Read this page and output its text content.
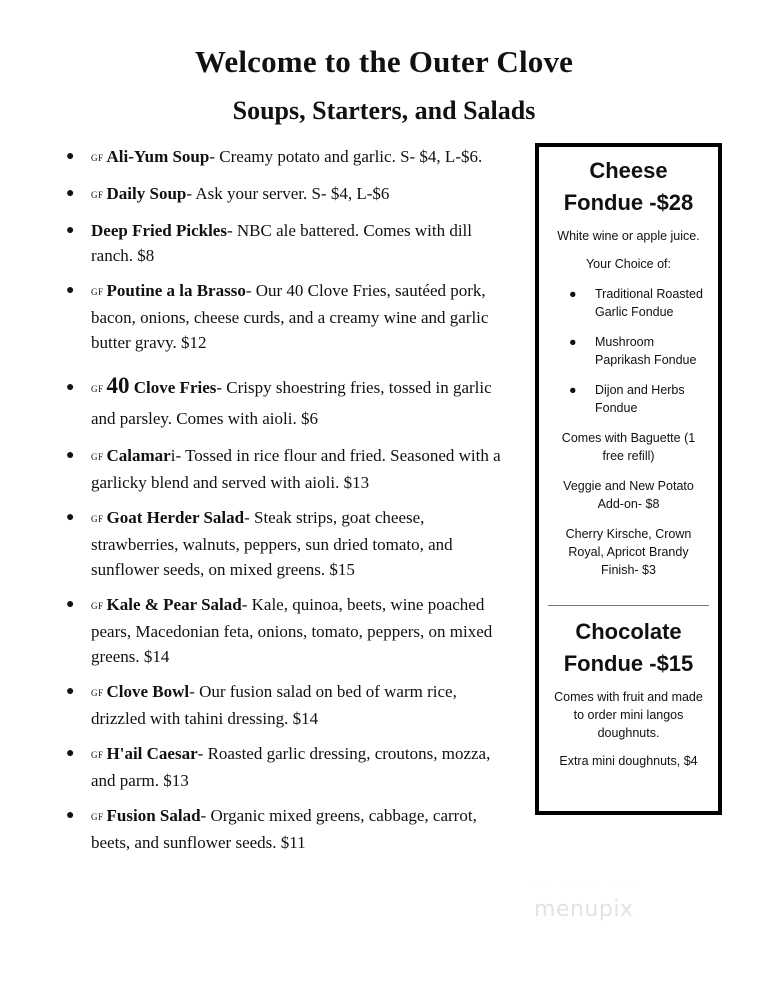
Welcome to the Outer Clove
Soups, Starters, and Salads
● GF Ali-Yum Soup- Creamy potato and garlic. S- $4, L-$6.
● GF Daily Soup- Ask your server. S- $4, L-$6
● Deep Fried Pickles- NBC ale battered. Comes with dill ranch. $8
● GF Poutine a la Brasso- Our 40 Clove Fries, sautéed pork, bacon, onions, cheese curds, and a creamy wine and garlic butter gravy. $12
● GF 40 Clove Fries- Crispy shoestring fries, tossed in garlic and parsley. Comes with aioli. $6
● GF Calamari- Tossed in rice flour and fried. Seasoned with a garlicky blend and served with aioli. $13
● GF Goat Herder Salad- Steak strips, goat cheese, strawberries, walnuts, peppers, sun dried tomato, and sunflower seeds, on mixed greens. $15
● GF Kale & Pear Salad- Kale, quinoa, beets, wine poached pears, Macedonian feta, onions, tomato, peppers, on mixed greens. $14
● GF Clove Bowl- Our fusion salad on bed of warm rice, drizzled with tahini dressing. $14
● GF H'ail Caesar- Roasted garlic dressing, croutons, mozza, and parm. $13
● GF Fusion Salad- Organic mixed greens, cabbage, carrot, beets, and sunflower seeds. $11
Cheese
Fondue -$28

White wine or apple juice.

Your Choice of:

● Traditional Roasted Garlic Fondue
● Mushroom Paprikash Fondue
● Dijon and Herbs Fondue

Comes with Baguette (1 free refill)

Veggie and New Potato Add-on- $8

Cherry Kirsche, Crown Royal, Apricot Brandy Finish- $3

Chocolate
Fondue -$15

Comes with fruit and made to order mini langos doughnuts.

Extra mini doughnuts, $4

· · · · · · · · · · · ·
menupix
